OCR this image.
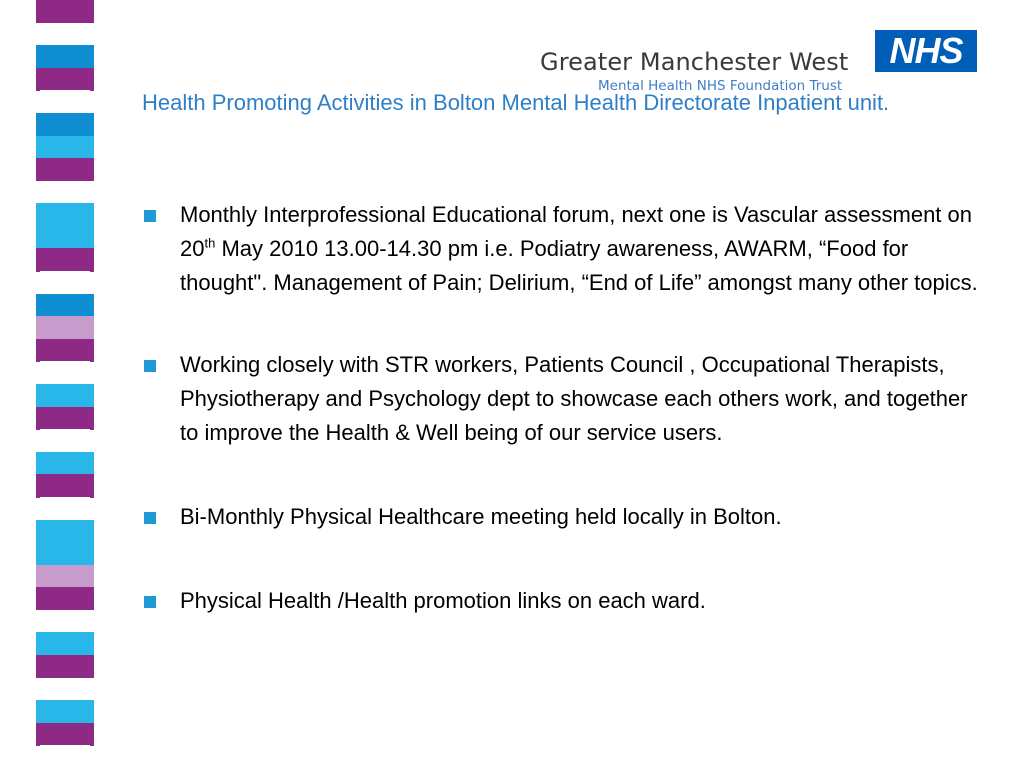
Greater Manchester West
Mental Health NHS Foundation Trust
NHS
Health Promoting Activities in Bolton Mental Health Directorate Inpatient unit.
Monthly Interprofessional Educational forum, next one is Vascular assessment on 20th May 2010 13.00-14.30 pm i.e. Podiatry awareness, AWARM, “Food for thought". Management of Pain; Delirium, “End of Life” amongst many other topics.
Working closely with STR workers, Patients Council , Occupational Therapists, Physiotherapy and Psychology dept to showcase each others work, and together to improve the Health & Well being of our service users.
Bi-Monthly Physical Healthcare meeting held locally in Bolton.
Physical Health /Health promotion links on each ward.
